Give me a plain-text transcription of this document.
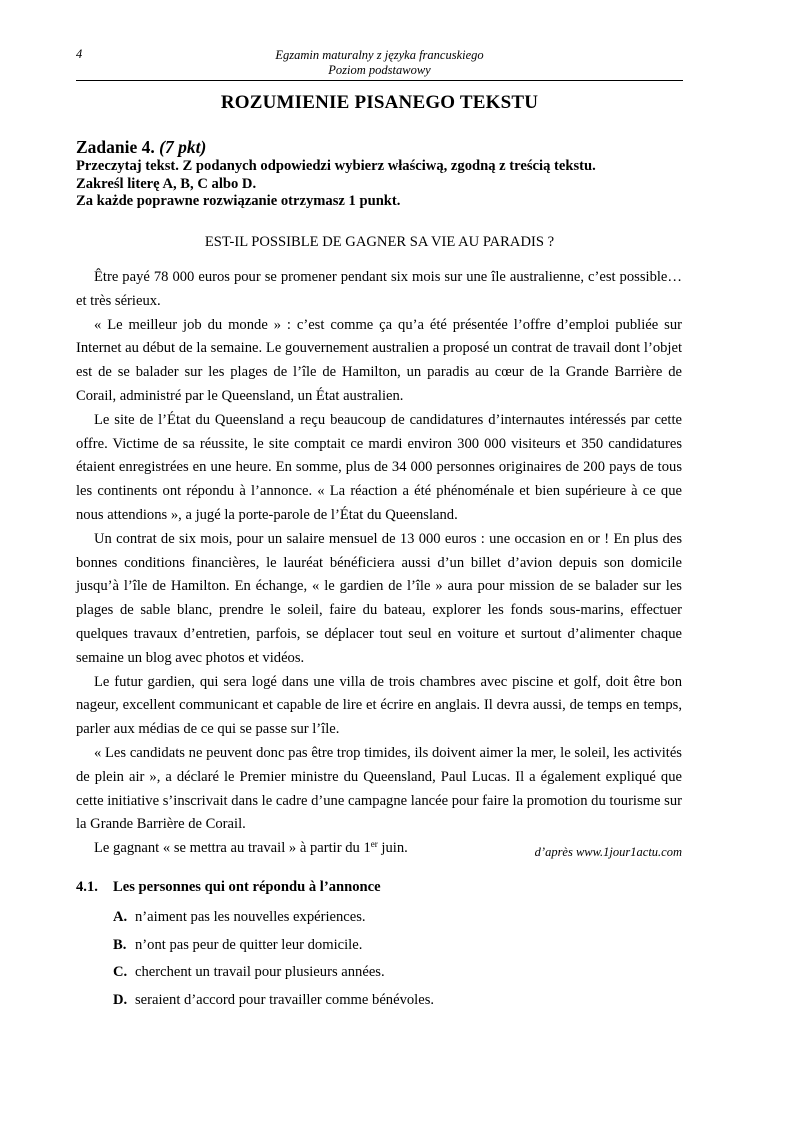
4	Egzamin maturalny z języka francuskiego
Poziom podstawowy
ROZUMIENIE PISANEGO TEKSTU
Zadanie 4. (7 pkt)
Przeczytaj tekst. Z podanych odpowiedzi wybierz właściwą, zgodną z treścią tekstu.
Zakreśl literę A, B, C albo D.
Za każde poprawne rozwiązanie otrzymasz 1 punkt.
EST-IL POSSIBLE DE GAGNER SA VIE AU PARADIS ?

Être payé 78 000 euros pour se promener pendant six mois sur une île australienne, c’est possible… et très sérieux.

« Le meilleur job du monde » : c’est comme ça qu’a été présentée l’offre d’emploi publiée sur Internet au début de la semaine. Le gouvernement australien a proposé un contrat de travail dont l’objet est de se balader sur les plages de l’île de Hamilton, un paradis au cœur de la Grande Barrière de Corail, administré par le Queensland, un État australien.

Le site de l’État du Queensland a reçu beaucoup de candidatures d’internautes intéressés par cette offre. Victime de sa réussite, le site comptait ce mardi environ 300 000 visiteurs et 350 candidatures étaient enregistrées en une heure. En somme, plus de 34 000 personnes originaires de 200 pays de tous les continents ont répondu à l’annonce. « La réaction a été phénoménale et bien supérieure à ce que nous attendions », a jugé la porte-parole de l’État du Queensland.

Un contrat de six mois, pour un salaire mensuel de 13 000 euros : une occasion en or ! En plus des bonnes conditions financières, le lauréat bénéficiera aussi d’un billet d’avion depuis son domicile jusqu’à l’île de Hamilton. En échange, « le gardien de l’île » aura pour mission de se balader sur les plages de sable blanc, prendre le soleil, faire du bateau, explorer les fonds sous-marins, effectuer quelques travaux d’entretien, parfois, se déplacer tout seul en voiture et surtout d’alimenter chaque semaine un blog avec photos et vidéos.

Le futur gardien, qui sera logé dans une villa de trois chambres avec piscine et golf, doit être bon nageur, excellent communicant et capable de lire et écrire en anglais. Il devra aussi, de temps en temps, parler aux médias de ce qui se passe sur l’île.

« Les candidats ne peuvent donc pas être trop timides, ils doivent aimer la mer, le soleil, les activités de plein air », a déclaré le Premier ministre du Queensland, Paul Lucas. Il a également expliqué que cette initiative s’inscrivait dans le cadre d’une campagne lancée pour faire la promotion du tourisme sur la Grande Barrière de Corail.

Le gagnant « se mettra au travail » à partir du 1er juin.	d’après www.1jour1actu.com
4.1. Les personnes qui ont répondu à l’annonce
A. n’aiment pas les nouvelles expériences.
B. n’ont pas peur de quitter leur domicile.
C. cherchent un travail pour plusieurs années.
D. seraient d’accord pour travailler comme bénévoles.
